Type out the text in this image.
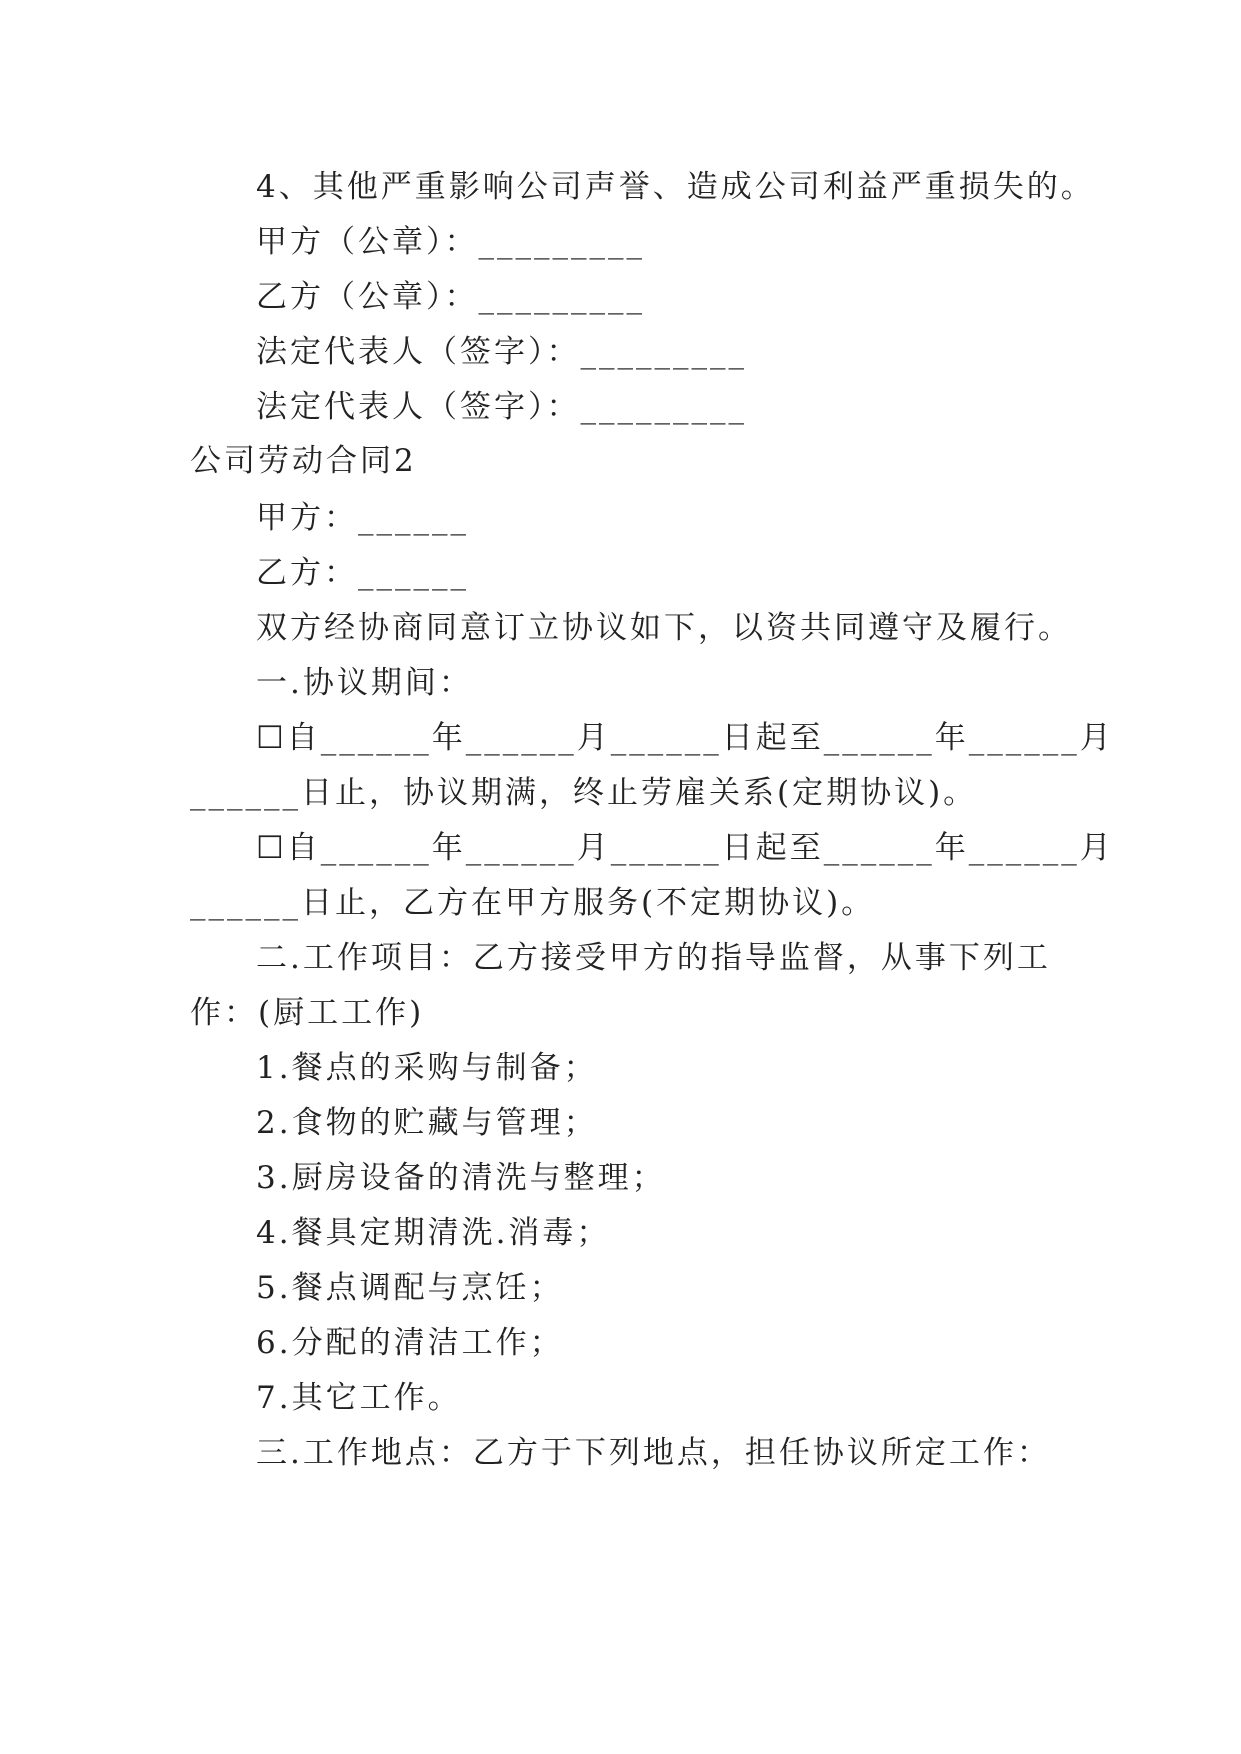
4、其他严重影响公司声誉、造成公司利益严重损失的。
甲方（公章）：_________
乙方（公章）：_________
法定代表人（签字）：_________
法定代表人（签字）：_________
公司劳动合同2
甲方：______
乙方：______
双方经协商同意订立协议如下，以资共同遵守及履行。
一.协议期间：
☐自______年______月______日起至______年______月
______日止，协议期满，终止劳雇关系(定期协议)。
☐自______年______月______日起至______年______月
______日止，乙方在甲方服务(不定期协议)。
二.工作项目：乙方接受甲方的指导监督，从事下列工
作：(厨工工作)
1.餐点的采购与制备；
2.食物的贮藏与管理；
3.厨房设备的清洗与整理；
4.餐具定期清洗.消毒；
5.餐点调配与烹饪；
6.分配的清洁工作；
7.其它工作。
三.工作地点：乙方于下列地点，担任协议所定工作：
